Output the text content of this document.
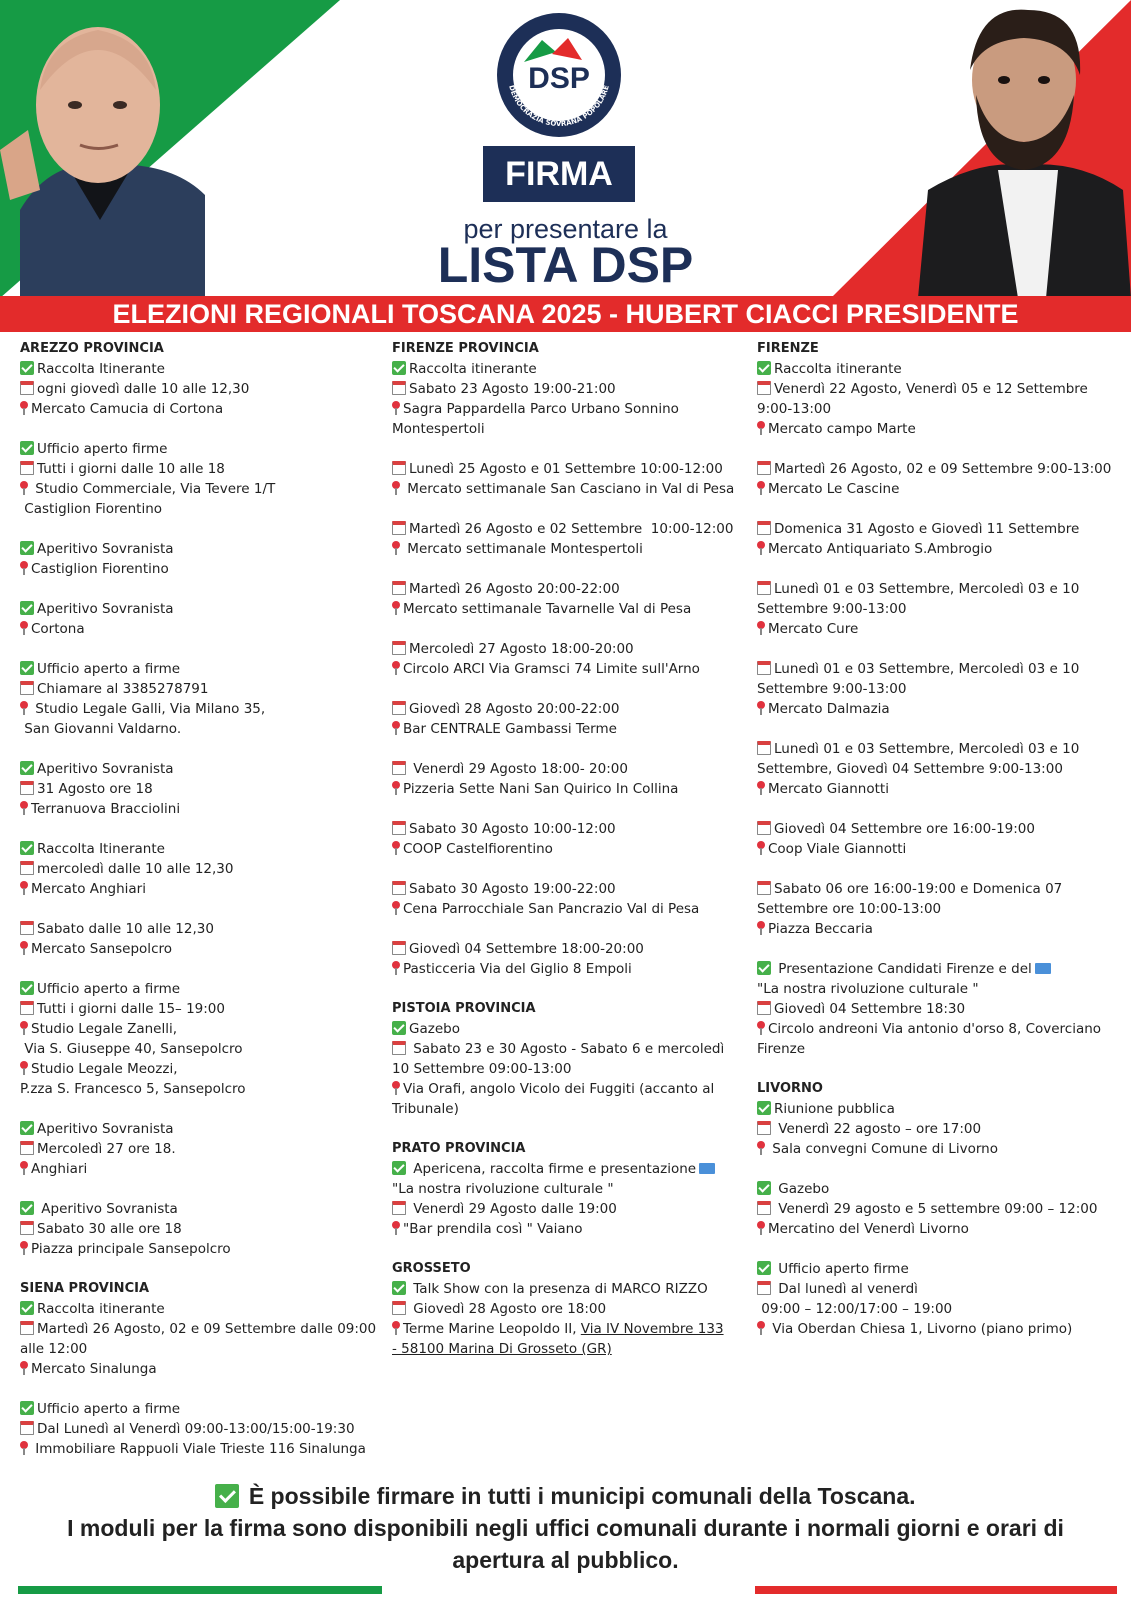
DSP
DEMOCRAZIA SOVRANA POPOLARE
FIRMA
per presentare la
LISTA DSP
ELEZIONI REGIONALI TOSCANA 2025 - HUBERT CIACCI PRESIDENTE
AREZZO PROVINCIA
Raccolta Itinerante
ogni giovedì dalle 10 alle 12,30
Mercato Camucia di Cortona
Ufficio aperto firme
Tutti i giorni dalle 10 alle 18
Studio Commerciale, Via Tevere 1/T
Castiglion Fiorentino
Aperitivo Sovranista
Castiglion Fiorentino
Aperitivo Sovranista
Cortona
Ufficio aperto a firme
Chiamare al 3385278791
Studio Legale Galli, Via Milano 35,
San Giovanni Valdarno.
Aperitivo Sovranista
31 Agosto ore 18
Terranuova Bracciolini
Raccolta Itinerante
mercoledì dalle 10 alle 12,30
Mercato Anghiari
Sabato dalle 10 alle 12,30
Mercato Sansepolcro
Ufficio aperto a firme
Tutti i giorni dalle 15– 19:00
Studio Legale Zanelli,
Via S. Giuseppe 40, Sansepolcro
Studio Legale Meozzi,
P.zza S. Francesco 5, Sansepolcro
Aperitivo Sovranista
Mercoledì 27 ore 18.
Anghiari
Aperitivo Sovranista
Sabato 30 alle ore 18
Piazza principale Sansepolcro
SIENA PROVINCIA
Raccolta itinerante
Martedì 26 Agosto, 02 e 09 Settembre dalle 09:00 alle 12:00
Mercato Sinalunga
Ufficio aperto a firme
Dal Lunedì al Venerdì 09:00-13:00/15:00-19:30
Immobiliare Rappuoli Viale Trieste 116 Sinalunga
FIRENZE PROVINCIA
Raccolta itinerante
Sabato 23 Agosto 19:00-21:00
Sagra Pappardella Parco Urbano Sonnino Montespertoli
Lunedì 25 Agosto e 01 Settembre 10:00-12:00
Mercato settimanale San Casciano in Val di Pesa
Martedì 26 Agosto e 02 Settembre  10:00-12:00
Mercato settimanale Montespertoli
Martedì 26 Agosto 20:00-22:00
Mercato settimanale Tavarnelle Val di Pesa
Mercoledì 27 Agosto 18:00-20:00
Circolo ARCI Via Gramsci 74 Limite sull'Arno
Giovedì 28 Agosto 20:00-22:00
Bar CENTRALE Gambassi Terme
Venerdì 29 Agosto 18:00- 20:00
Pizzeria Sette Nani San Quirico In Collina
Sabato 30 Agosto 10:00-12:00
COOP Castelfiorentino
Sabato 30 Agosto 19:00-22:00
Cena Parrocchiale San Pancrazio Val di Pesa
Giovedì 04 Settembre 18:00-20:00
Pasticceria Via del Giglio 8 Empoli
PISTOIA PROVINCIA
Gazebo
Sabato 23 e 30 Agosto - Sabato 6 e mercoledì 10 Settembre 09:00-13:00
Via Orafi, angolo Vicolo dei Fuggiti (accanto al Tribunale)
PRATO PROVINCIA
Apericena, raccolta firme e presentazione
"La nostra rivoluzione culturale "
Venerdì 29 Agosto dalle 19:00
"Bar prendila così " Vaiano
GROSSETO
Talk Show con la presenza di MARCO RIZZO
Giovedì 28 Agosto ore 18:00
Terme Marine Leopoldo II, Via IV Novembre 133
- 58100 Marina Di Grosseto (GR)
FIRENZE
Raccolta itinerante
Venerdì 22 Agosto, Venerdì 05 e 12 Settembre 9:00-13:00
Mercato campo Marte
Martedì 26 Agosto, 02 e 09 Settembre 9:00-13:00
Mercato Le Cascine
Domenica 31 Agosto e Giovedì 11 Settembre
Mercato Antiquariato S.Ambrogio
Lunedì 01 e 03 Settembre, Mercoledì 03 e 10 Settembre 9:00-13:00
Mercato Cure
Lunedì 01 e 03 Settembre, Mercoledì 03 e 10 Settembre 9:00-13:00
Mercato Dalmazia
Lunedì 01 e 03 Settembre, Mercoledì 03 e 10 Settembre, Giovedì 04 Settembre 9:00-13:00
Mercato Giannotti
Giovedì 04 Settembre ore 16:00-19:00
Coop Viale Giannotti
Sabato 06 ore 16:00-19:00 e Domenica 07 Settembre ore 10:00-13:00
Piazza Beccaria
Presentazione Candidati Firenze e del
"La nostra rivoluzione culturale "
Giovedì 04 Settembre 18:30
Circolo andreoni Via antonio d'orso 8, Coverciano Firenze
LIVORNO
Riunione pubblica
Venerdì 22 agosto – ore 17:00
Sala convegni Comune di Livorno
Gazebo
Venerdì 29 agosto e 5 settembre 09:00 – 12:00
Mercatino del Venerdì Livorno
Ufficio aperto firme
Dal lunedì al venerdì
09:00 – 12:00/17:00 – 19:00
Via Oberdan Chiesa 1, Livorno (piano primo)
È possibile firmare in tutti i municipi comunali della Toscana.
I moduli per la firma sono disponibili negli uffici comunali durante i normali giorni e orari di apertura al pubblico.
